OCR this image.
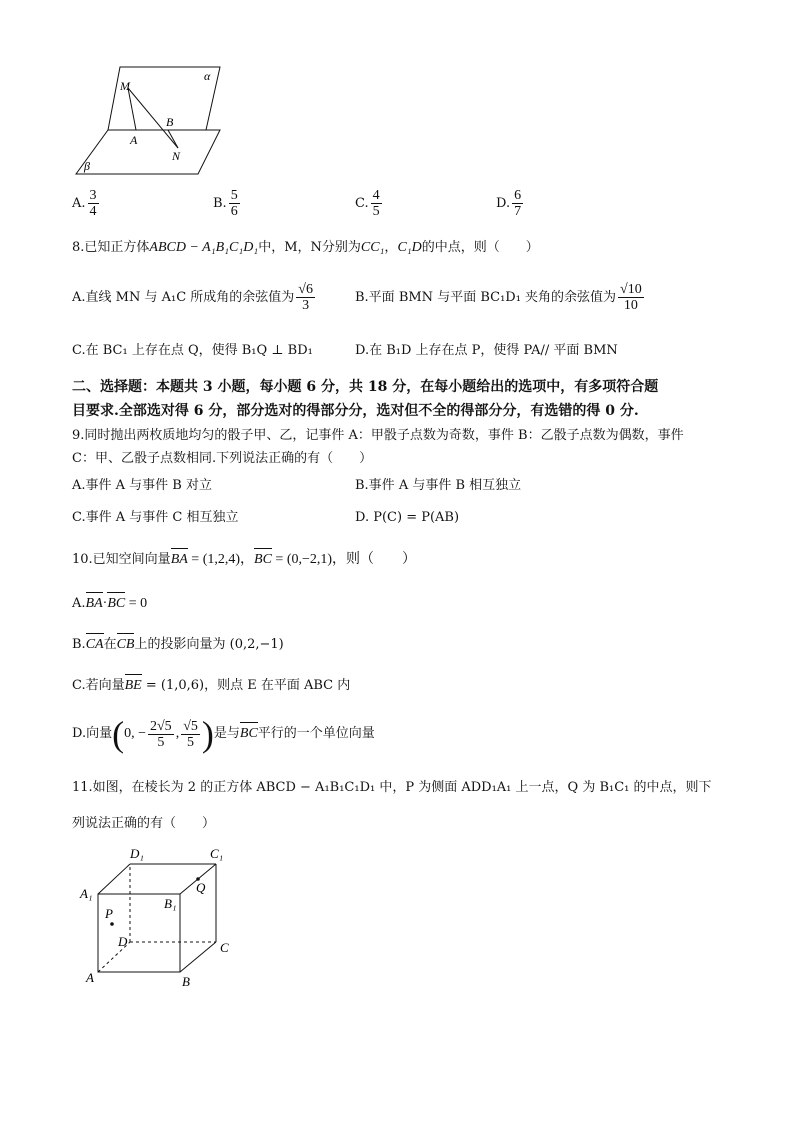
α
β
M
A
B
N
A. $\frac{3}{4}$	B. $\frac{5}{6}$	C. $\frac{4}{5}$	D. $\frac{6}{7}$
8.已知正方体ABCD − A₁B₁C₁D₁中，M，N分别为CC₁，C₁D的中点，则（　　）
A.直线 MN 与 A₁C 所成角的余弦值为 $\frac{√6}{3}$	B.平面 BMN 与平面 BC₁D₁ 夹角的余弦值为 $\frac{√10}{10}$
C.在 BC₁ 上存在点 Q，使得 B₁Q ⊥ BD₁	D.在 B₁D 上存在点 P，使得 PA// 平面 BMN
二、选择题：本题共 3 小题，每小题 6 分，共 18 分，在每小题给出的选项中，有多项符合题
目要求.全部选对得 6 分，部分选对的得部分分，选对但不全的得部分分，有选错的得 0 分.
9.同时抛出两枚质地均匀的骰子甲、乙，记事件 A：甲骰子点数为奇数，事件 B：乙骰子点数为偶数，事件
C：甲、乙骰子点数相同.下列说法正确的有（　　）
A.事件 A 与事件 B 对立	B.事件 A 与事件 B 相互独立
C.事件 A 与事件 C 相互独立	D. P(C) = P(AB)
10.已知空间向量BA = (1,2,4)，BC = (0,−2,1)，则（　　）
A.BA·BC = 0
B.CA在CB上的投影向量为 (0,2,−1)
C.若向量BE = (1,0,6)，则点 E 在平面 ABC 内
D.向量 ( 0, − $\frac{2√5}{5}$ , $\frac{√5}{5}$ ) 是与 BC 平行的一个单位向量
11.如图，在棱长为 2 的正方体 ABCD − A₁B₁C₁D₁ 中，P 为侧面 ADD₁A₁ 上一点，Q 为 B₁C₁ 的中点，则下
列说法正确的有（　　）
D₁	C₁
A₁
B₁
Q
P
D	C
A	B
